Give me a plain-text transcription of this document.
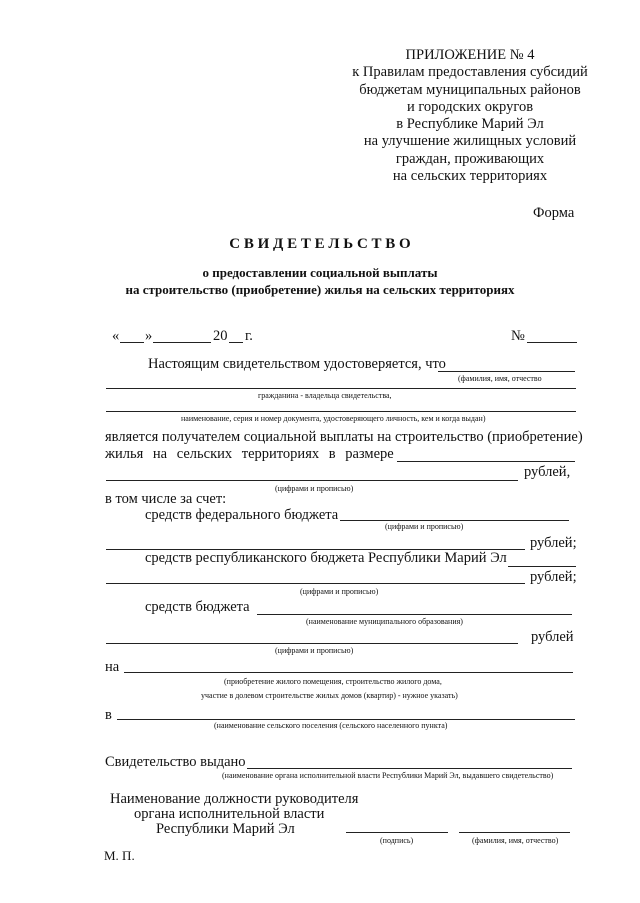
ПРИЛОЖЕНИЕ № 4
к Правилам предоставления субсидий
бюджетам муниципальных районов
и городских округов
в Республике Марий Эл
на улучшение жилищных условий
граждан, проживающих
на сельских территориях
Форма
С В И Д Е Т Е Л Ь С Т В О
о предоставлении социальной выплаты
на строительство (приобретение) жилья на сельских территориях
« »	20 г.	№
Настоящим свидетельством удостоверяется, что
(фамилия, имя, отчество
гражданина - владельца свидетельства,
наименование, серия и номер документа, удостоверяющего личность, кем и когда выдан)
является получателем социальной выплаты на строительство (приобретение)
жилья на сельских территориях в размере
рублей,
(цифрами и прописью)
в том числе за счет:
средств федерального бюджета
(цифрами и прописью)
рублей;
средств республиканского бюджета Республики Марий Эл
рублей;
(цифрами и прописью)
средств бюджета
(наименование муниципального образования)
рублей
(цифрами и прописью)
на
(приобретение жилого помещения, строительство жилого дома,
участие в долевом строительстве жилых домов (квартир) - нужное указать)
в
(наименование сельского поселения (сельского населенного пункта)
Свидетельство выдано
(наименование органа исполнительной власти Республики Марий Эл, выдавшего свидетельство)
Наименование должности руководителя
органа исполнительной власти
Республики Марий Эл
(подпись)	(фамилия, имя, отчество)
М. П.
